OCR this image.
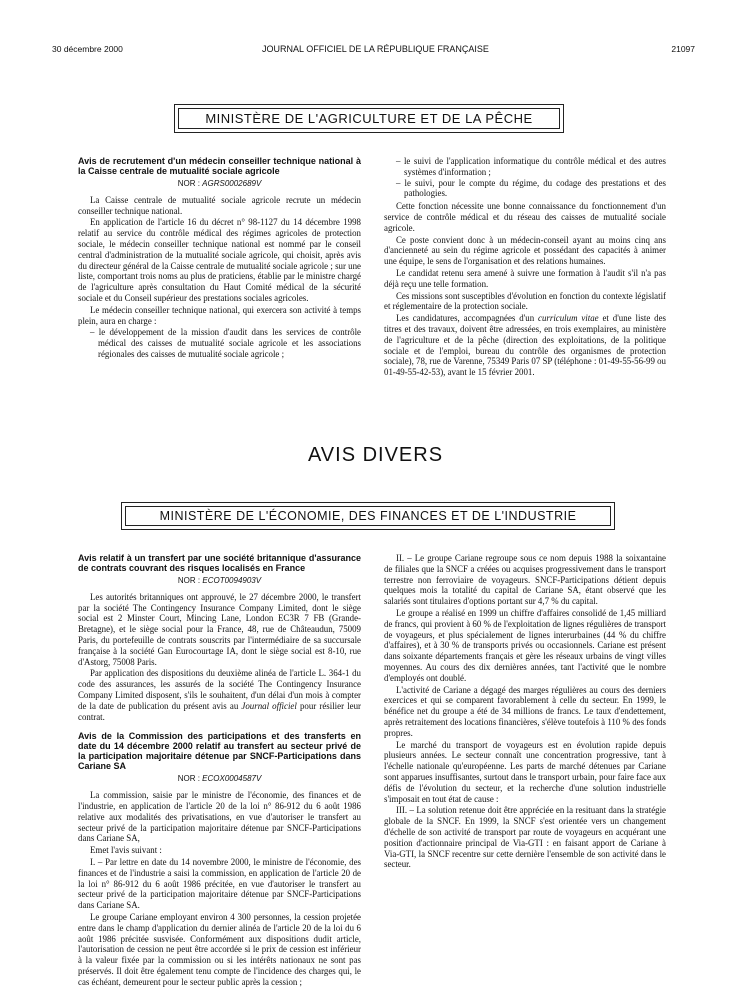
30 décembre 2000	JOURNAL OFFICIEL DE LA RÉPUBLIQUE FRANÇAISE	21097
MINISTÈRE DE L'AGRICULTURE ET DE LA PÊCHE

Avis de recrutement d'un médecin conseiller technique national à la Caisse centrale de mutualité sociale agricole

NOR : AGRS0002689V

La Caisse centrale de mutualité sociale agricole recrute un médecin conseiller technique national.

En application de l'article 16 du décret n° 98-1127 du 14 décembre 1998 relatif au service du contrôle médical des régimes agricoles de protection sociale, le médecin conseiller technique national est nommé par le conseil central d'administration de la mutualité sociale agricole, qui choisit, après avis du directeur général de la Caisse centrale de mutualité sociale agricole ; sur une liste, comportant trois noms au plus de praticiens, établie par le ministre chargé de l'agriculture après consultation du Haut Comité médical de la sécurité sociale et du Conseil supérieur des prestations sociales agricoles.

Le médecin conseiller technique national, qui exercera son activité à temps plein, aura en charge :

– le développement de la mission d'audit dans les services de contrôle médical des caisses de mutualité sociale agricole et les associations régionales des caisses de mutualité sociale agricole ;
– le suivi de l'application informatique du contrôle médical et des autres systèmes d'information ;
– le suivi, pour le compte du régime, du codage des prestations et des pathologies.

Cette fonction nécessite une bonne connaissance du fonctionnement d'un service de contrôle médical et du réseau des caisses de mutualité sociale agricole.

Ce poste convient donc à un médecin-conseil ayant au moins cinq ans d'ancienneté au sein du régime agricole et possédant des capacités à animer une équipe, le sens de l'organisation et des relations humaines.

Le candidat retenu sera amené à suivre une formation à l'audit s'il n'a pas déjà reçu une telle formation.

Ces missions sont susceptibles d'évolution en fonction du contexte législatif et réglementaire de la protection sociale.

Les candidatures, accompagnées d'un curriculum vitae et d'une liste des titres et des travaux, doivent être adressées, en trois exemplaires, au ministère de l'agriculture et de la pêche (direction des exploitations, de la politique sociale et de l'emploi, bureau du contrôle des organismes de protection sociale), 78, rue de Varenne, 75349 Paris 07 SP (téléphone : 01-49-55-56-99 ou 01-49-55-42-53), avant le 15 février 2001.

AVIS DIVERS
MINISTÈRE DE L'ÉCONOMIE, DES FINANCES ET DE L'INDUSTRIE

Avis relatif à un transfert par une société britannique d'assurance de contrats couvrant des risques localisés en France

NOR : ECOT0094903V

Les autorités britanniques ont approuvé, le 27 décembre 2000, le transfert par la société The Contingency Insurance Company Limited, dont le siège social est 2 Minster Court, Mincing Lane, London EC3R 7 FB (Grande-Bretagne), et le siège social pour la France, 48, rue de Châteaudun, 75009 Paris, du portefeuille de contrats souscrits par l'intermédiaire de sa succursale française à la société Gan Eurocourtage IA, dont le siège social est 8-10, rue d'Astorg, 75008 Paris.

Par application des dispositions du deuxième alinéa de l'article L. 364-1 du code des assurances, les assurés de la société The Contingency Insurance Company Limited disposent, s'ils le souhaitent, d'un délai d'un mois à compter de la date de publication du présent avis au Journal officiel pour résilier leur contrat.

Avis de la Commission des participations et des transferts en date du 14 décembre 2000 relatif au transfert au secteur privé de la participation majoritaire détenue par SNCF-Participations dans Cariane SA

NOR : ECOX0004587V

La commission, saisie par le ministre de l'économie, des finances et de l'industrie, en application de l'article 20 de la loi n° 86-912 du 6 août 1986 relative aux modalités des privatisations, en vue d'autoriser le transfert au secteur privé de la participation majoritaire détenue par SNCF-Participations dans Cariane SA,

Emet l'avis suivant :

I. – Par lettre en date du 14 novembre 2000, le ministre de l'économie, des finances et de l'industrie a saisi la commission, en application de l'article 20 de la loi n° 86-912 du 6 août 1986 précitée, en vue d'autoriser le transfert au secteur privé de la participation majoritaire détenue par SNCF-Participations dans Cariane SA.

Le groupe Cariane employant environ 4 300 personnes, la cession projetée entre dans le champ d'application du dernier alinéa de l'article 20 de la loi du 6 août 1986 précitée susvisée. Conformément aux dispositions dudit article, l'autorisation de cession ne peut être accordée si le prix de cession est inférieur à la valeur fixée par la commission ou si les intérêts nationaux ne sont pas préservés. Il doit être également tenu compte de l'incidence des charges qui, le cas échéant, demeurent pour le secteur public après la cession ;

II. – Le groupe Cariane regroupe sous ce nom depuis 1988 la soixantaine de filiales que la SNCF a créées ou acquises progressivement dans le transport terrestre non ferroviaire de voyageurs. SNCF-Participations détient depuis quelques mois la totalité du capital de Cariane SA, étant observé que les salariés sont titulaires d'options portant sur 4,7 % du capital.

Le groupe a réalisé en 1999 un chiffre d'affaires consolidé de 1,45 milliard de francs, qui provient à 60 % de l'exploitation de lignes régulières de transport de voyageurs, et plus spécialement de lignes interurbaines (44 % du chiffre d'affaires), et à 30 % de transports privés ou occasionnels. Cariane est présent dans soixante départements français et gère les réseaux urbains de vingt villes moyennes. Au cours des dix dernières années, tant l'activité que le nombre d'employés ont doublé.

L'activité de Cariane a dégagé des marges régulières au cours des derniers exercices et qui se comparent favorablement à celle du secteur. En 1999, le bénéfice net du groupe a été de 34 millions de francs. Le taux d'endettement, après retraitement des locations financières, s'élève toutefois à 110 % des fonds propres.

Le marché du transport de voyageurs est en évolution rapide depuis plusieurs années. Le secteur connaît une concentration progressive, tant à l'échelle nationale qu'européenne. Les parts de marché détenues par Cariane sont apparues insuffisantes, surtout dans le transport urbain, pour faire face aux défis de l'évolution du secteur, et la recherche d'une solution industrielle s'imposait en tout état de cause :

III. – La solution retenue doit être appréciée en la resituant dans la stratégie globale de la SNCF. En 1999, la SNCF s'est orientée vers un changement d'échelle de son activité de transport par route de voyageurs en acquérant une position d'actionnaire principal de Via-GTI : en faisant apport de Cariane à Via-GTI, la SNCF recentre sur cette dernière l'ensemble de son activité dans le secteur.
